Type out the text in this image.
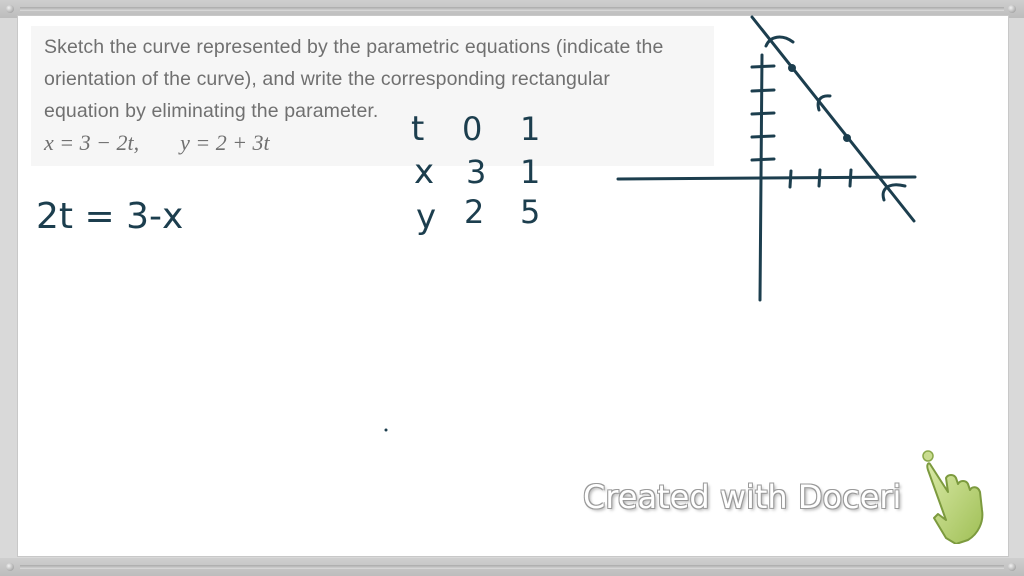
Sketch the curve represented by the parametric equations (indicate the
orientation of the curve), and write the corresponding rectangular
equation by eliminating the parameter.
x = 3 − 2t, y = 2 + 3t	t
x
y
0
3
2
1
1
5
2t = 3-x
Created with Doceri
